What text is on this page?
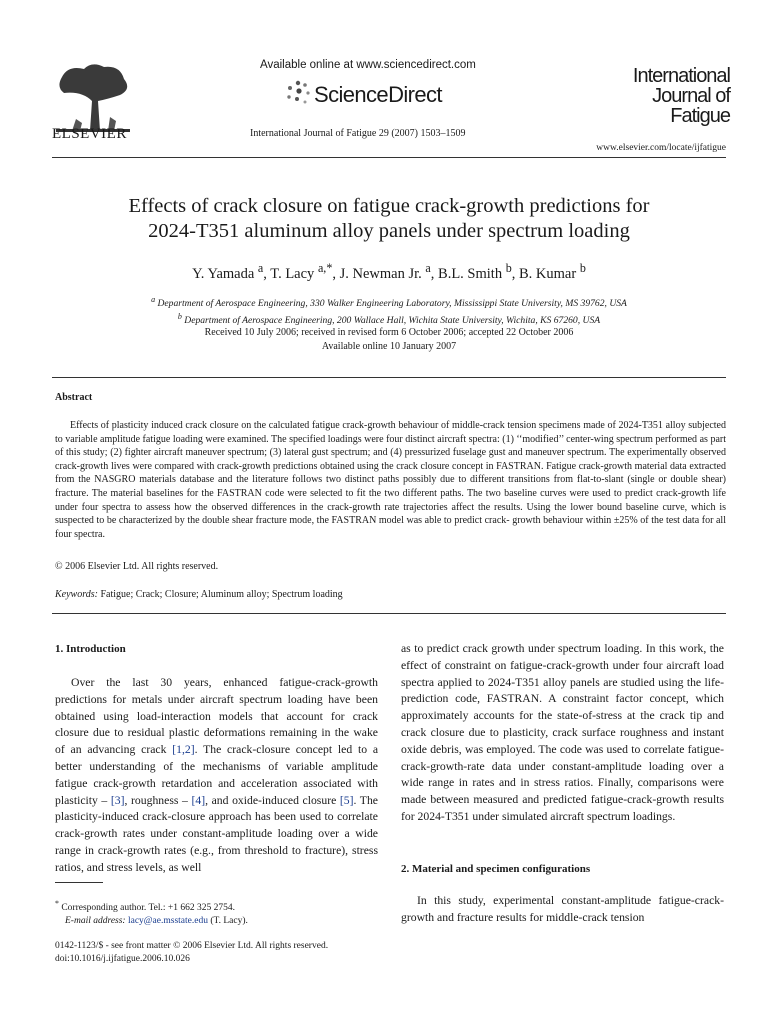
ELSEVIER
Available online at www.sciencedirect.com
ScienceDirect
International Journal of Fatigue 29 (2007) 1503–1509
International
Journal of
Fatigue
www.elsevier.com/locate/ijfatigue
Effects of crack closure on fatigue crack-growth predictions for
2024-T351 aluminum alloy panels under spectrum loading
Y. Yamada $^a$, T. Lacy $^{a,*}$, J. Newman Jr. $^a$, B.L. Smith $^b$, B. Kumar $^b$
$^a$ Department of Aerospace Engineering, 330 Walker Engineering Laboratory, Mississippi State University, MS 39762, USA
$^b$ Department of Aerospace Engineering, 200 Wallace Hall, Wichita State University, Wichita, KS 67260, USA
Received 10 July 2006; received in revised form 6 October 2006; accepted 22 October 2006
Available online 10 January 2007
Abstract

Effects of plasticity induced crack closure on the calculated fatigue crack-growth behaviour of middle-crack tension specimens made of 2024-T351 alloy subjected to variable amplitude fatigue loading were examined. The specified loadings were four distinct aircraft spectra: (1) ‘‘modified’’ center-wing spectrum performed as part of this study; (2) fighter aircraft maneuver spectrum; (3) lateral gust spectrum; and (4) pressurized fuselage gust and maneuver spectrum. The experimentally observed crack-growth lives were compared with crack-growth predictions obtained using the crack closure concept in FASTRAN. Fatigue crack-growth material data extracted from the NASGRO materials database and the literature follows two distinct paths possibly due to different transitions from flat-to-slant (single or double shear) fracture. The material baselines for the FASTRAN code were selected to fit the two different paths. The two baseline curves were used to predict crack-growth life under four spectra to assess how the observed differences in the crack-growth rate trajectories affect the results. Using the lower bound baseline curve, which is suspected to be characterized by the double shear fracture mode, the FASTRAN model was able to predict crack- growth behaviour within ±25% of the test data for all four spectra.

© 2006 Elsevier Ltd. All rights reserved.
Keywords: Fatigue; Crack; Closure; Aluminum alloy; Spectrum loading
1. Introduction

Over the last 30 years, enhanced fatigue-crack-growth predictions for metals under aircraft spectrum loading have been obtained using load-interaction models that account for crack closure due to residual plastic deformations remaining in the wake of an advancing crack [1,2]. The crack-closure concept led to a better understanding of the mechanisms of variable amplitude fatigue crack-growth retardation and acceleration associated with plasticity – [3], roughness – [4], and oxide-induced closure [5]. The plasticity-induced crack-closure approach has been used to correlate crack-growth rates under constant-amplitude loading over a wide range in crack-growth rates (e.g., from threshold to fracture), stress ratios, and stress levels, as well

* Corresponding author. Tel.: +1 662 325 2754.
E-mail address: lacy@ae.msstate.edu (T. Lacy).
0142-1123/$ - see front matter © 2006 Elsevier Ltd. All rights reserved.
doi:10.1016/j.ijfatigue.2006.10.026

as to predict crack growth under spectrum loading. In this work, the effect of constraint on fatigue-crack-growth under four aircraft load spectra applied to 2024-T351 alloy panels are studied using the life-prediction code, FASTRAN. A constraint factor concept, which approximately accounts for the state-of-stress at the crack tip and crack closure due to plasticity, crack surface roughness and instant oxide debris, was employed. The code was used to correlate fatigue-crack-growth-rate data under constant-amplitude loading over a wide range in rates and in stress ratios. Finally, comparisons were made between measured and predicted fatigue-crack-growth results for 2024-T351 under simulated aircraft spectrum loadings.

2. Material and specimen configurations

In this study, experimental constant-amplitude fatigue-crack-growth and fracture results for middle-crack tension
